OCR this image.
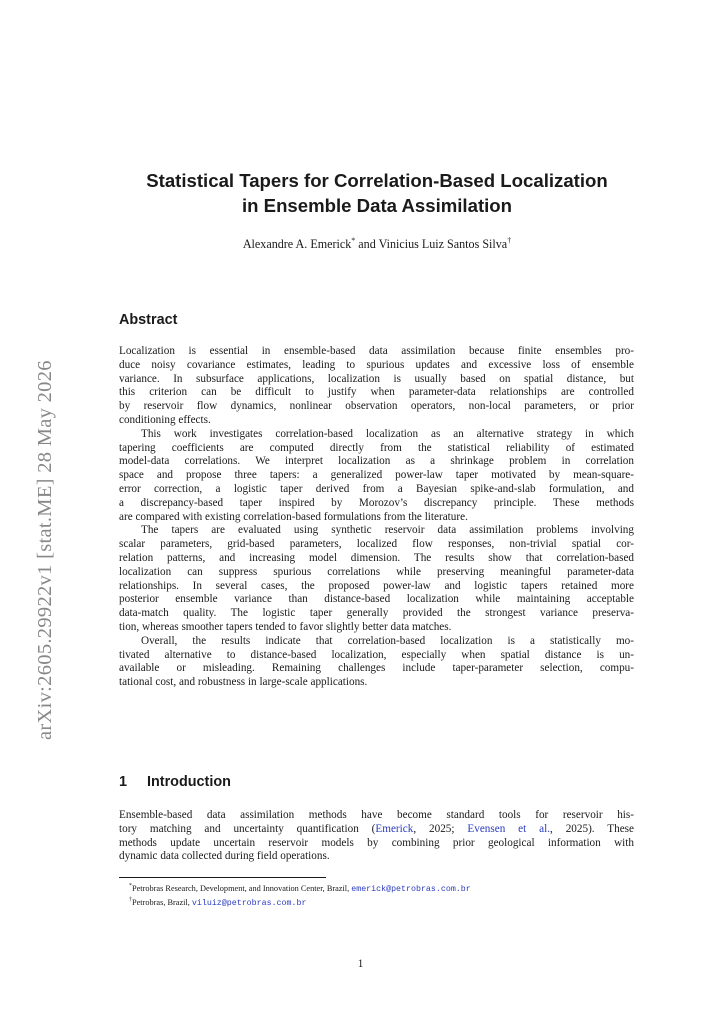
arXiv:2605.29922v1 [stat.ME] 28 May 2026
Statistical Tapers for Correlation-Based Localization
in Ensemble Data Assimilation
Alexandre A. Emerick* and Vinicius Luiz Santos Silva†
Abstract
Localization is essential in ensemble-based data assimilation because finite ensembles pro-
duce noisy covariance estimates, leading to spurious updates and excessive loss of ensemble
variance. In subsurface applications, localization is usually based on spatial distance, but
this criterion can be difficult to justify when parameter-data relationships are controlled
by reservoir flow dynamics, nonlinear observation operators, non-local parameters, or prior
conditioning effects.
This work investigates correlation-based localization as an alternative strategy in which
tapering coefficients are computed directly from the statistical reliability of estimated
model-data correlations. We interpret localization as a shrinkage problem in correlation
space and propose three tapers: a generalized power-law taper motivated by mean-square-
error correction, a logistic taper derived from a Bayesian spike-and-slab formulation, and
a discrepancy-based taper inspired by Morozov’s discrepancy principle. These methods
are compared with existing correlation-based formulations from the literature.
The tapers are evaluated using synthetic reservoir data assimilation problems involving
scalar parameters, grid-based parameters, localized flow responses, non-trivial spatial cor-
relation patterns, and increasing model dimension. The results show that correlation-based
localization can suppress spurious correlations while preserving meaningful parameter-data
relationships. In several cases, the proposed power-law and logistic tapers retained more
posterior ensemble variance than distance-based localization while maintaining acceptable
data-match quality. The logistic taper generally provided the strongest variance preserva-
tion, whereas smoother tapers tended to favor slightly better data matches.
Overall, the results indicate that correlation-based localization is a statistically mo-
tivated alternative to distance-based localization, especially when spatial distance is un-
available or misleading. Remaining challenges include taper-parameter selection, compu-
tational cost, and robustness in large-scale applications.
1 Introduction
Ensemble-based data assimilation methods have become standard tools for reservoir his-
tory matching and uncertainty quantification (Emerick, 2025; Evensen et al., 2025). These
methods update uncertain reservoir models by combining prior geological information with
dynamic data collected during field operations.
*Petrobras Research, Development, and Innovation Center, Brazil, emerick@petrobras.com.br
†Petrobras, Brazil, viluiz@petrobras.com.br
1
